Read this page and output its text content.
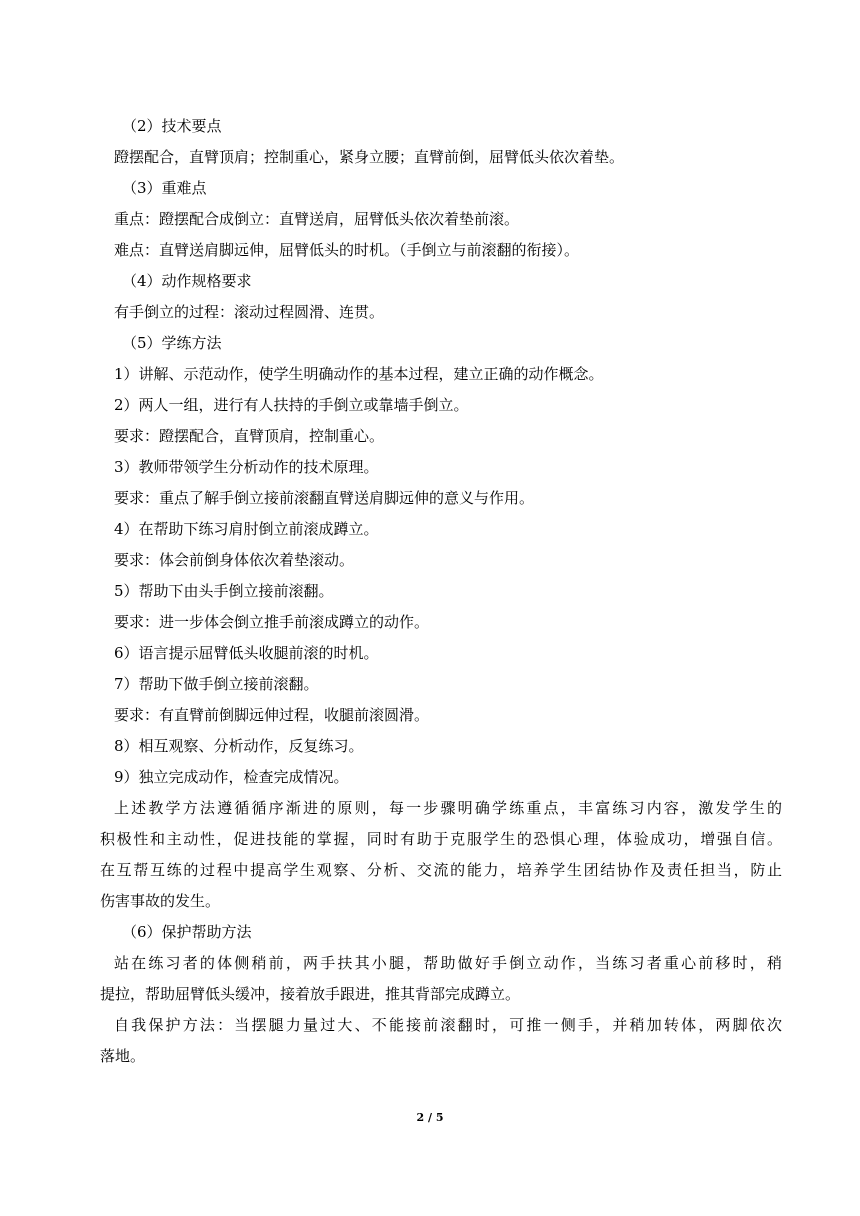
（2）技术要点
蹬摆配合，直臂顶肩；控制重心，紧身立腰；直臂前倒，屈臂低头依次着垫。
（3）重难点
重点：蹬摆配合成倒立：直臂送肩，屈臂低头依次着垫前滚。
难点：直臂送肩脚远伸，屈臂低头的时机。（手倒立与前滚翻的衔接）。
（4）动作规格要求
有手倒立的过程：滚动过程圆滑、连贯。
（5）学练方法
1）讲解、示范动作，使学生明确动作的基本过程，建立正确的动作概念。
2）两人一组，进行有人扶持的手倒立或靠墙手倒立。
要求：蹬摆配合，直臂顶肩，控制重心。
3）教师带领学生分析动作的技术原理。
要求：重点了解手倒立接前滚翻直臂送肩脚远伸的意义与作用。
4）在帮助下练习肩肘倒立前滚成蹲立。
要求：体会前倒身体依次着垫滚动。
5）帮助下由头手倒立接前滚翻。
要求：进一步体会倒立推手前滚成蹲立的动作。
6）语言提示屈臂低头收腿前滚的时机。
7）帮助下做手倒立接前滚翻。
要求：有直臂前倒脚远伸过程，收腿前滚圆滑。
8）相互观察、分析动作，反复练习。
9）独立完成动作，检查完成情况。
上述教学方法遵循循序渐进的原则，每一步骤明确学练重点，丰富练习内容，激发学生的
积极性和主动性，促进技能的掌握，同时有助于克服学生的恐惧心理，体验成功，增强自信。
在互帮互练的过程中提高学生观察、分析、交流的能力，培养学生团结协作及责任担当，防止
伤害事故的发生。
（6）保护帮助方法
站在练习者的体侧稍前，两手扶其小腿，帮助做好手倒立动作，当练习者重心前移时，稍
提拉，帮助屈臂低头缓冲，接着放手跟进，推其背部完成蹲立。
自我保护方法：当摆腿力量过大、不能接前滚翻时，可推一侧手，并稍加转体，两脚依次
落地。
2 / 5
